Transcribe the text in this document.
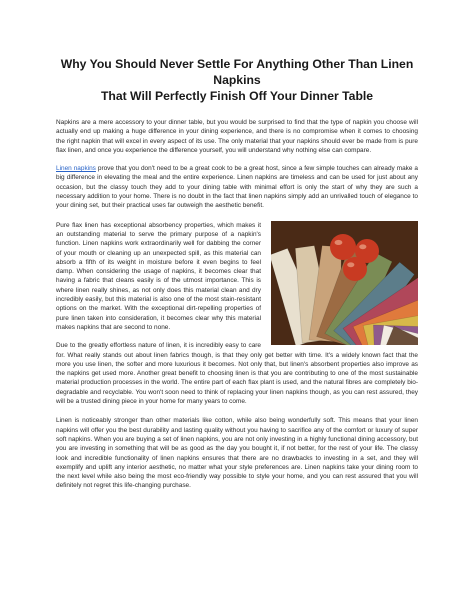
Why You Should Never Settle For Anything Other Than Linen Napkins
That Will Perfectly Finish Off Your Dinner Table

Napkins are a mere accessory to your dinner table, but you would be surprised to find that the type of napkin you choose will actually end up making a huge difference in your dining experience, and there is no compromise when it comes to choosing the right napkin that will excel in every aspect of its use. The only material that your napkins should ever be made from is pure flax linen, and once you experience the difference yourself, you will understand why nothing else can compare.

Linen napkins prove that you don't need to be a great cook to be a great host, since a few simple touches can already make a big difference in elevating the meal and the entire experience. Linen napkins are timeless and can be used for just about any occasion, but the classy touch they add to your dining table with minimal effort is only the start of why they are such a necessary addition to your home. There is no doubt in the fact that linen napkins simply add an unrivalled touch of elegance to your dining set, but their practical uses far outweigh the aesthetic benefit.

Pure flax linen has exceptional absorbency properties, which makes it an outstanding material to serve the primary purpose of a napkin's function. Linen napkins work extraordinarily well for dabbing the corner of your mouth or cleaning up an unexpected spill, as this material can absorb a fifth of its weight in moisture before it even begins to feel damp. When considering the usage of napkins, it becomes clear that having a fabric that cleans easily is of the utmost importance. This is where linen really shines, as not only does this material clean and dry incredibly easily, but this material is also one of the most stain-resistant options on the market. With the exceptional dirt-repelling properties of pure linen taken into consideration, it becomes clear why this material makes napkins that are second to none.

Due to the greatly effortless nature of linen, it is incredibly easy to care for. What really stands out about linen fabrics though, is that they only get better with time. It's a widely known fact that the more you use linen, the softer and more luxurious it becomes. Not only that, but linen's absorbent properties also improve as the napkins get used more. Another great benefit to choosing linen is that you are contributing to one of the most sustainable material production processes in the world. The entire part of each flax plant is used, and the natural fibres are completely bio-degradable and recyclable. You won't soon need to think of replacing your linen napkins though, as you can rest assured, they will be a trusted dining piece in your home for many years to come.

Linen is noticeably stronger than other materials like cotton, while also being wonderfully soft. This means that your linen napkins will offer you the best durability and lasting quality without you having to sacrifice any of the comfort or luxury of super soft napkins. When you are buying a set of linen napkins, you are not only investing in a highly functional dining accessory, but you are investing in something that will be as good as the day you bought it, if not better, for the rest of your life. The classy look and incredible functionality of linen napkins ensures that there are no drawbacks to investing in a set, and they will exemplify and uplift any interior aesthetic, no matter what your style preferences are. Linen napkins take your dining room to the next level while also being the most eco-friendly way possible to style your home, and you can rest assured that you will definitely not regret this life-changing purchase.
